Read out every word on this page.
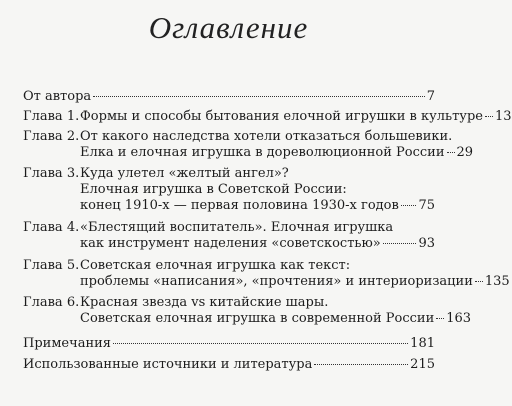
Оглавление
От автора	7
Глава 1. Формы и способы бытования елочной игрушки в культуре 13
Глава 2. От какого наследства хотели отказаться большевики.
Елка и елочная игрушка в дореволюционной России 29
Глава 3. Куда улетел «желтый ангел»?
Елочная игрушка в Советской России:
конец 1910-х — первая половина 1930-х годов 75
Глава 4. «Блестящий воспитатель». Елочная игрушка
как инструмент наделения «советскостью»	93
Глава 5. Советская елочная игрушка как текст:
проблемы «написания», «прочтения» и интериоризации 135
Глава 6. Красная звезда vs китайские шары.
Советская елочная игрушка в современной России 163
Примечания	181
Использованные источники и литература	215
